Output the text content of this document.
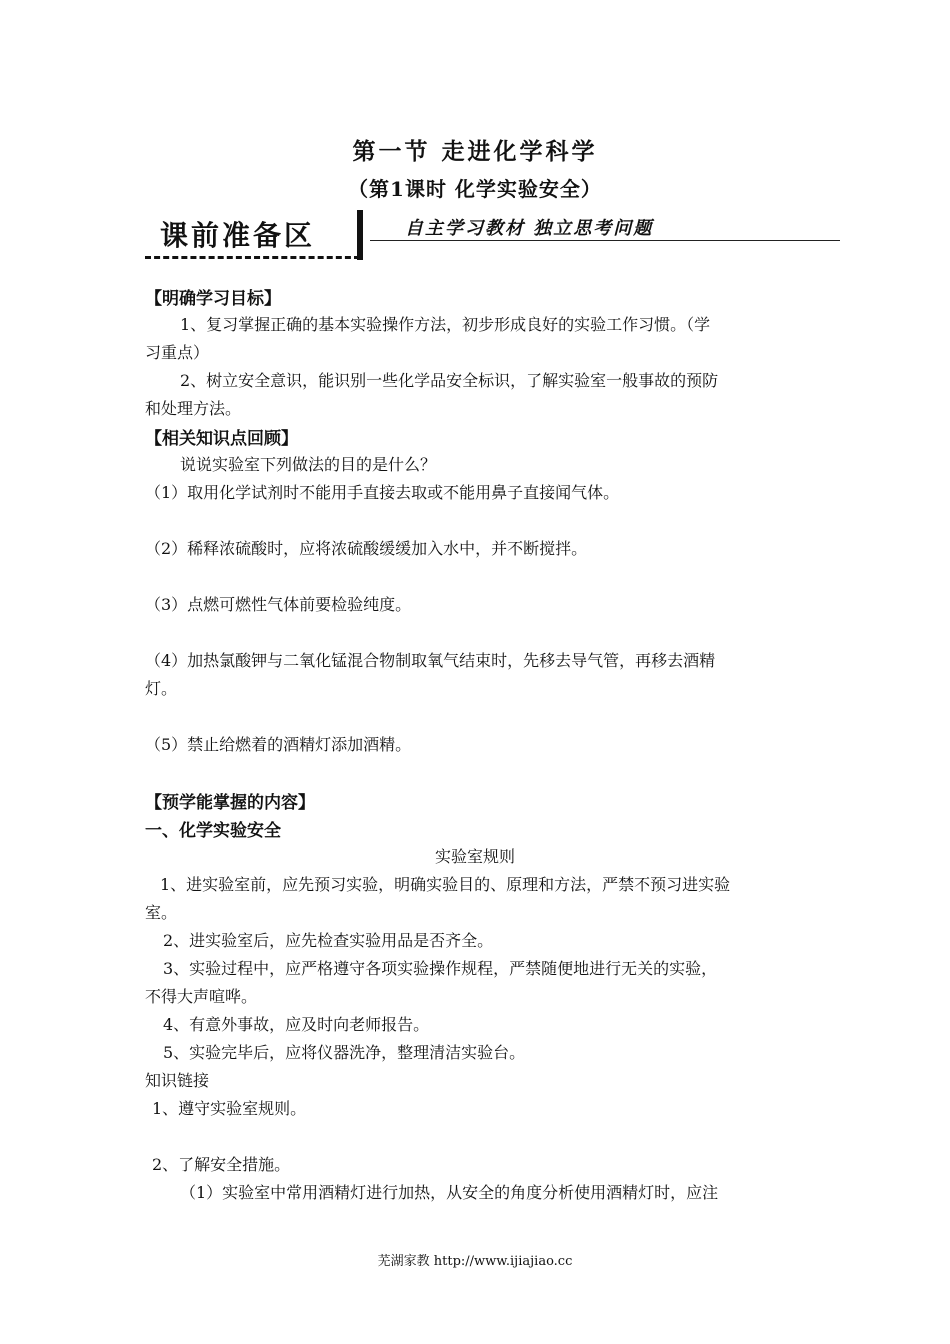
第一节 走进化学科学
（第1课时 化学实验安全）
课前准备区	自主学习教材 独立思考问题
【明确学习目标】
1、复习掌握正确的基本实验操作方法，初步形成良好的实验工作习惯。（学
习重点）
2、树立安全意识，能识别一些化学品安全标识，了解实验室一般事故的预防
和处理方法。
【相关知识点回顾】
说说实验室下列做法的目的是什么？
（1）取用化学试剂时不能用手直接去取或不能用鼻子直接闻气体。
（2）稀释浓硫酸时，应将浓硫酸缓缓加入水中，并不断搅拌。
（3）点燃可燃性气体前要检验纯度。
（4）加热氯酸钾与二氧化锰混合物制取氧气结束时，先移去导气管，再移去酒精
灯。
（5）禁止给燃着的酒精灯添加酒精。
【预学能掌握的内容】
一、化学实验安全
实验室规则
1、进实验室前，应先预习实验，明确实验目的、原理和方法，严禁不预习进实验
室。
2、进实验室后，应先检查实验用品是否齐全。
3、实验过程中，应严格遵守各项实验操作规程，严禁随便地进行无关的实验，
不得大声喧哗。
4、有意外事故，应及时向老师报告。
5、实验完毕后，应将仪器洗净，整理清洁实验台。
知识链接
1、遵守实验室规则。
2、了解安全措施。
（1）实验室中常用酒精灯进行加热，从安全的角度分析使用酒精灯时，应注
芜湖家教 http://www.ijiajiao.cc
